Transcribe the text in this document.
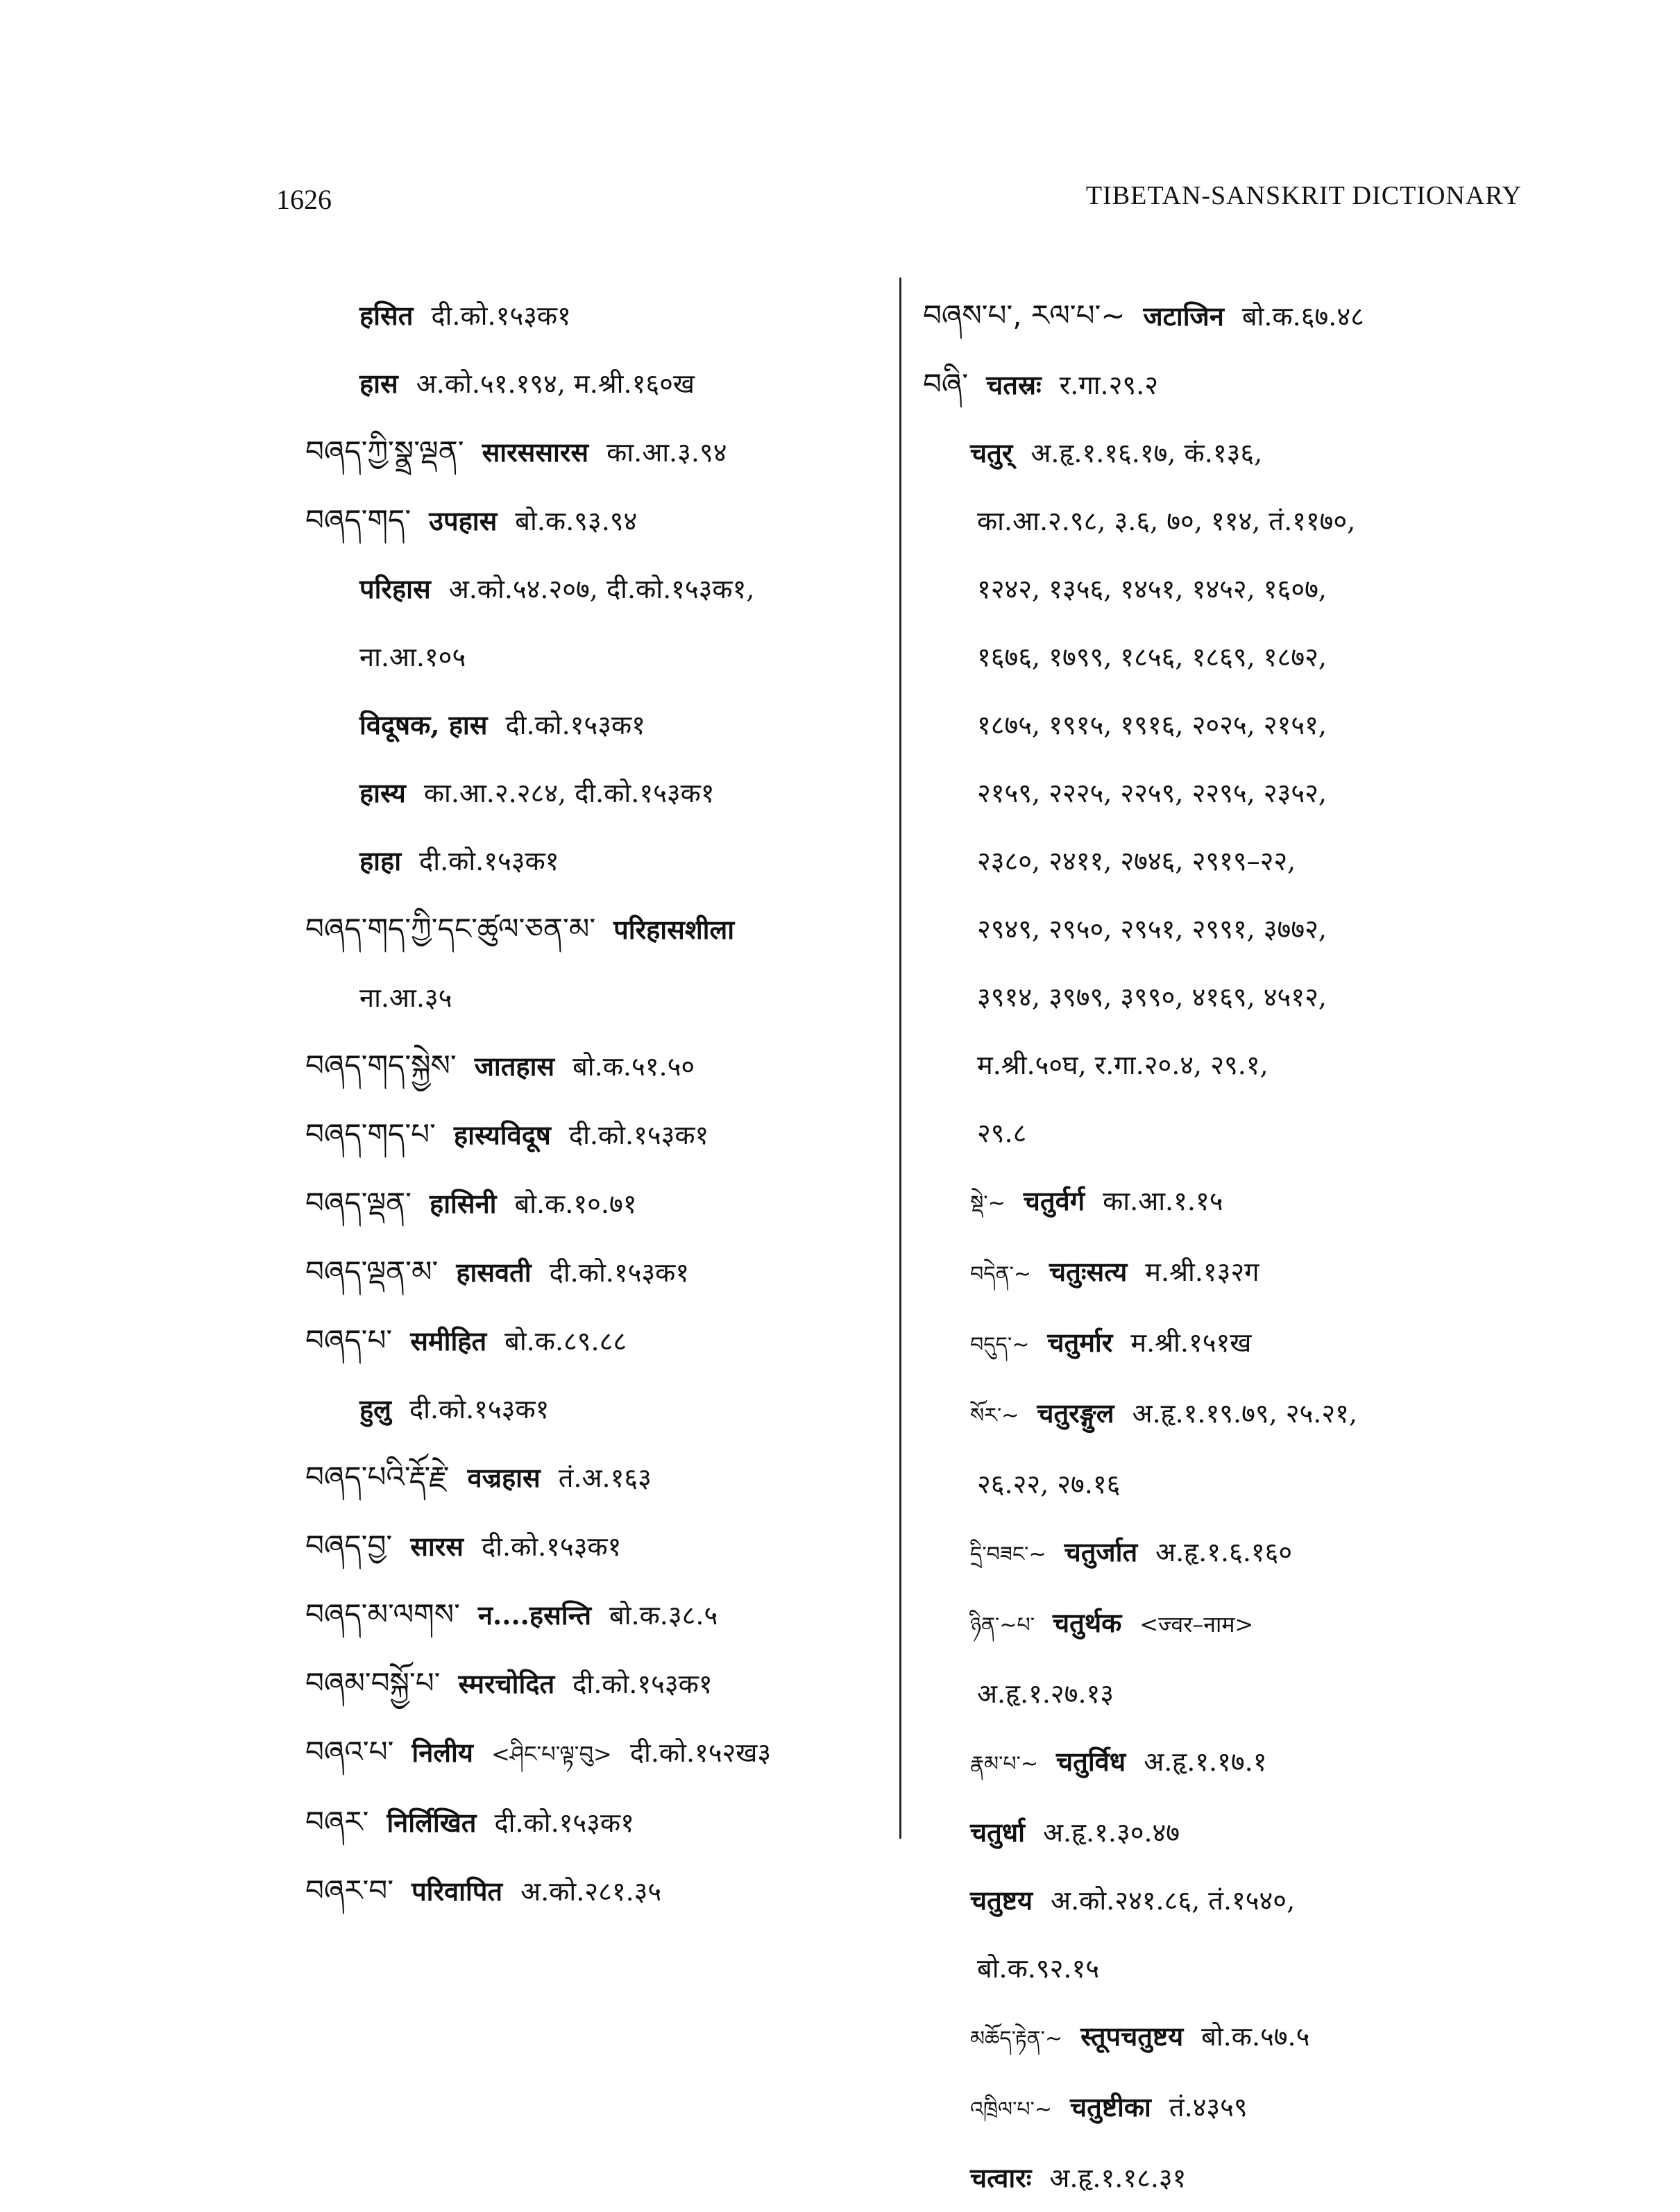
1626	TIBETAN-SANSKRIT DICTIONARY
हसित दी.को.१५३क१
हास अ.को.५१.१९४, म.श्री.१६०ख
བཞད་ཀྱི་སྣྲ་ལྡན་ सारससारस का.आ.३.९४
བཞད་གད་ उपहास बो.क.९३.९४
परिहास अ.को.५४.२०७, दी.को.१५३क१,
ना.आ.१०५
विदूषक, हास दी.को.१५३क१
हास्य का.आ.२.२८४, दी.को.१५३क१
हाहा दी.को.१५३क१
བཞད་གད་ཀྱི་དང་ཚུལ་ཅན་མ་ परिहासशीला
ना.आ.३५
བཞད་གད་སྐྱེས་ जातहास बो.क.५१.५०
བཞད་གད་པ་ हास्यविदूष दी.को.१५३क१
བཞད་ལྡན་ हासिनी बो.क.१०.७१
བཞད་ལྡན་མ་ हासवती दी.को.१५३क१
བཞད་པ་ समीहित बो.क.८९.८८
हुलु दी.को.१५३क१
བཞད་པའི་རྡོ་རྗེ་ वज्रहास तं.अ.१६३
བཞད་བྱ་ सारस दी.को.१५३क१
བཞད་མ་ལགས་ न....हसन्ति बो.क.३८.५
བཞམ་བསྐྱོ་པ་ स्मरचोदित दी.को.१५३क१
བཞའ་པ་ निलीय <ཤིང་པ་ལྟ་བུ> दी.को.१५२ख३
བཞར་ निर्लिखित दी.को.१५३क१
བཞར་བ་ परिवापित अ.को.२८१.३५
བཞས་པ་, རལ་པ་~ जटाजिन बो.क.६७.४८
བཞི་ चतस्रः र.गा.२९.२
चतुर् अ.हृ.१.१६.१७, कं.१३६,
का.आ.२.९८, ३.६, ७०, ११४, तं.११७०,
१२४२, १३५६, १४५१, १४५२, १६०७,
१६७६, १७९९, १८५६, १८६९, १८७२,
१८७५, १९१५, १९१६, २०२५, २१५१,
२१५९, २२२५, २२५९, २२९५, २३५२,
२३८०, २४११, २७४६, २९१९–२२,
२९४९, २९५०, २९५१, २९९१, ३७७२,
३९१४, ३९७९, ३९९०, ४१६९, ४५१२,
म.श्री.५०घ, र.गा.२०.४, २९.१,
२९.८
སྡེ་~ चतुर्वर्ग का.आ.१.१५
བདེན་~ चतुःसत्य म.श्री.१३२ग
བདུད་~ चतुर्मार म.श्री.१५१ख
སོར་~ चतुरङ्गुल अ.हृ.१.१९.७९, २५.२१,
२६.२२, २७.१६
དྲི་བཟང་~ चतुर्जात अ.हृ.१.६.१६०
ཉིན་~པ་ चतुर्थक <ज्वर–नाम>
अ.हृ.१.२७.१३
རྣམ་པ་~ चतुर्विध अ.हृ.१.१७.१
चतुर्धा अ.हृ.१.३०.४७
चतुष्टय अ.को.२४१.८६, तं.१५४०,
बो.क.९२.१५
མཆོད་རྟེན་~ स्तूपचतुष्टय बो.क.५७.५
འཁྲིལ་པ་~ चतुष्टीका तं.४३५९
चत्वारः अ.हृ.१.१८.३१
